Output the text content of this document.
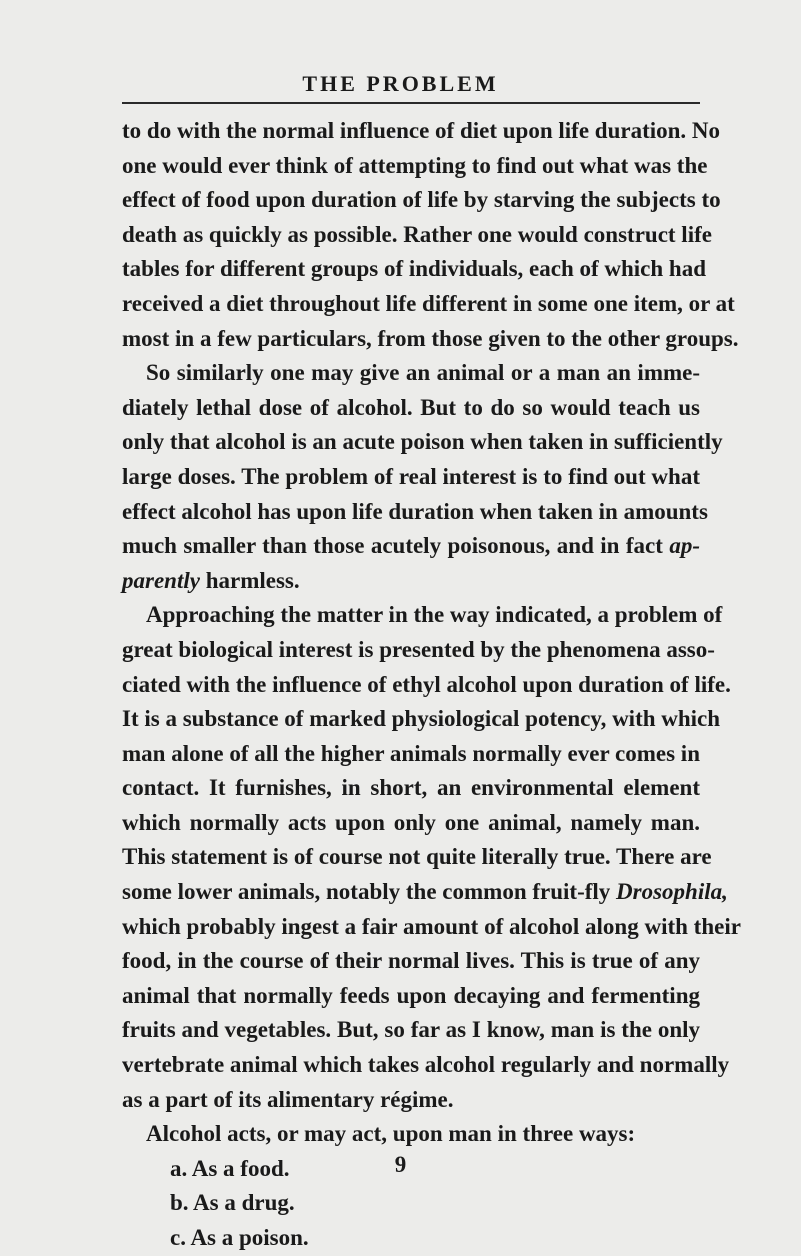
THE PROBLEM
to do with the normal influence of diet upon life duration. No
one would ever think of attempting to find out what was the
effect of food upon duration of life by starving the subjects to
death as quickly as possible. Rather one would construct life
tables for different groups of individuals, each of which had
received a diet throughout life different in some one item, or at
most in a few particulars, from those given to the other groups.
So similarly one may give an animal or a man an imme-
diately lethal dose of alcohol. But to do so would teach us
only that alcohol is an acute poison when taken in sufficiently
large doses. The problem of real interest is to find out what
effect alcohol has upon life duration when taken in amounts
much smaller than those acutely poisonous, and in fact ap-
parently harmless.
Approaching the matter in the way indicated, a problem of
great biological interest is presented by the phenomena asso-
ciated with the influence of ethyl alcohol upon duration of life.
It is a substance of marked physiological potency, with which
man alone of all the higher animals normally ever comes in
contact. It furnishes, in short, an environmental element
which normally acts upon only one animal, namely man.
This statement is of course not quite literally true. There are
some lower animals, notably the common fruit-fly Drosophila,
which probably ingest a fair amount of alcohol along with their
food, in the course of their normal lives. This is true of any
animal that normally feeds upon decaying and fermenting
fruits and vegetables. But, so far as I know, man is the only
vertebrate animal which takes alcohol regularly and normally
as a part of its alimentary régime.
Alcohol acts, or may act, upon man in three ways:
a. As a food.
b. As a drug.
c. As a poison.
9
